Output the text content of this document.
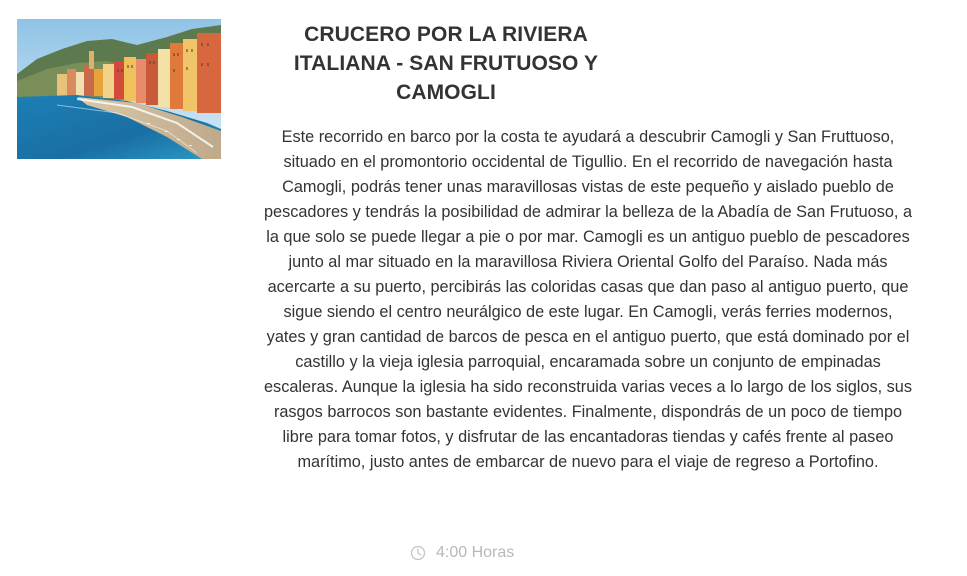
CRUCERO POR LA RIVIERA ITALIANA - SAN FRUTUOSO Y CAMOGLI

Este recorrido en barco por la costa te ayudará a descubrir Camogli y San Fruttuoso, situado en el promontorio occidental de Tigullio. En el recorrido de navegación hasta Camogli, podrás tener unas maravillosas vistas de este pequeño y aislado pueblo de pescadores y tendrás la posibilidad de admirar la belleza de la Abadía de San Frutuoso, a la que solo se puede llegar a pie o por mar. Camogli es un antiguo pueblo de pescadores junto al mar situado en la maravillosa Riviera Oriental Golfo del Paraíso. Nada más acercarte a su puerto, percibirás las coloridas casas que dan paso al antiguo puerto, que sigue siendo el centro neurálgico de este lugar. En Camogli, verás ferries modernos, yates y gran cantidad de barcos de pesca en el antiguo puerto, que está dominado por el castillo y la vieja iglesia parroquial, encaramada sobre un conjunto de empinadas escaleras. Aunque la iglesia ha sido reconstruida varias veces a lo largo de los siglos, sus rasgos barrocos son bastante evidentes. Finalmente, dispondrás de un poco de tiempo libre para tomar fotos, y disfrutar de las encantadoras tiendas y cafés frente al paseo marítimo, justo antes de embarcar de nuevo para el viaje de regreso a Portofino.

4:00 Horas
